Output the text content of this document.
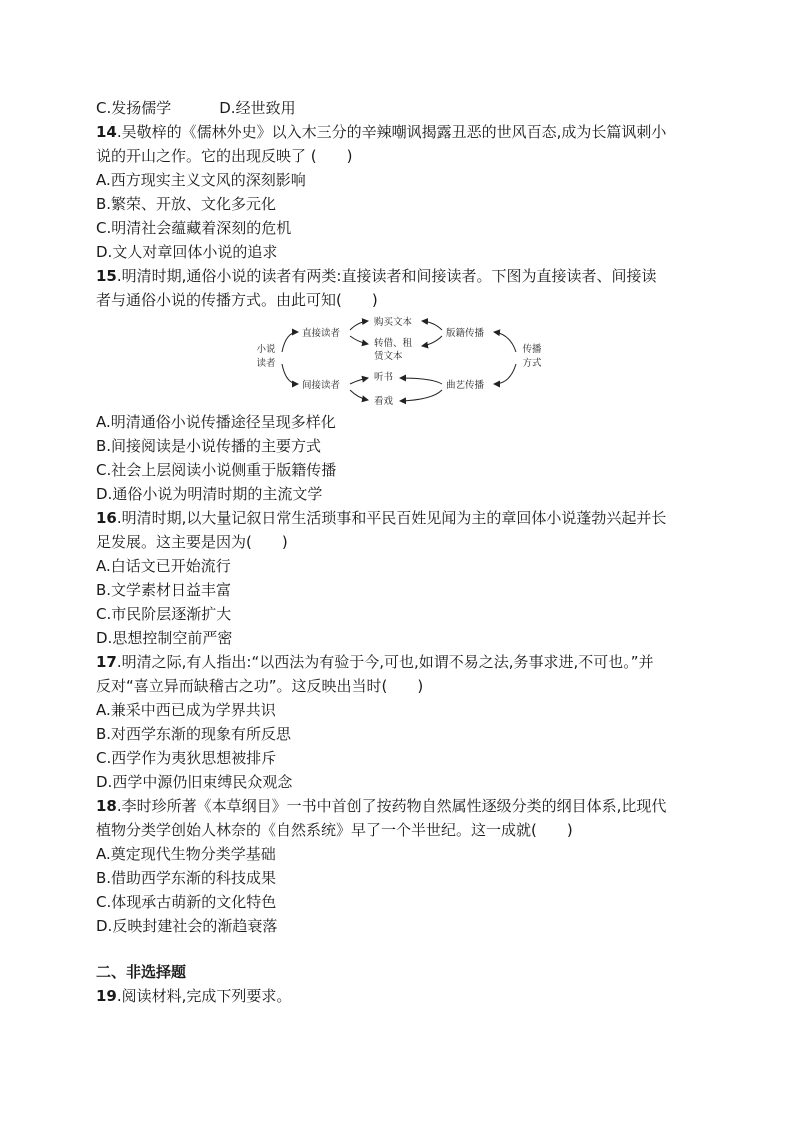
C.发扬儒学	D.经世致用
14.吴敬梓的《儒林外史》以入木三分的辛辣嘲讽揭露丑恶的世风百态,成为长篇讽刺小
说的开山之作。它的出现反映了 (　　)
A.西方现实主义文风的深刻影响
B.繁荣、开放、文化多元化
C.明清社会蕴藏着深刻的危机
D.文人对章回体小说的追求
15.明清时期,通俗小说的读者有两类:直接读者和间接读者。下图为直接读者、间接读
者与通俗小说的传播方式。由此可知(　　)
小说
读者
直接读者
间接读者
购买文本
转借、租
赁文本
听书
看戏
版籍传播
曲艺传播
传播
方式
A.明清通俗小说传播途径呈现多样化
B.间接阅读是小说传播的主要方式
C.社会上层阅读小说侧重于版籍传播
D.通俗小说为明清时期的主流文学
16.明清时期,以大量记叙日常生活琐事和平民百姓见闻为主的章回体小说蓬勃兴起并长
足发展。这主要是因为(　　)
A.白话文已开始流行
B.文学素材日益丰富
C.市民阶层逐渐扩大
D.思想控制空前严密
17.明清之际,有人指出:“以西法为有验于今,可也,如谓不易之法,务事求进,不可也。”并
反对“喜立异而缺稽古之功”。这反映出当时(　　)
A.兼采中西已成为学界共识
B.对西学东渐的现象有所反思
C.西学作为夷狄思想被排斥
D.西学中源仍旧束缚民众观念
18.李时珍所著《本草纲目》一书中首创了按药物自然属性逐级分类的纲目体系,比现代
植物分类学创始人林奈的《自然系统》早了一个半世纪。这一成就(　　)
A.奠定现代生物分类学基础
B.借助西学东渐的科技成果
C.体现承古萌新的文化特色
D.反映封建社会的渐趋衰落
二、非选择题
19.阅读材料,完成下列要求。
